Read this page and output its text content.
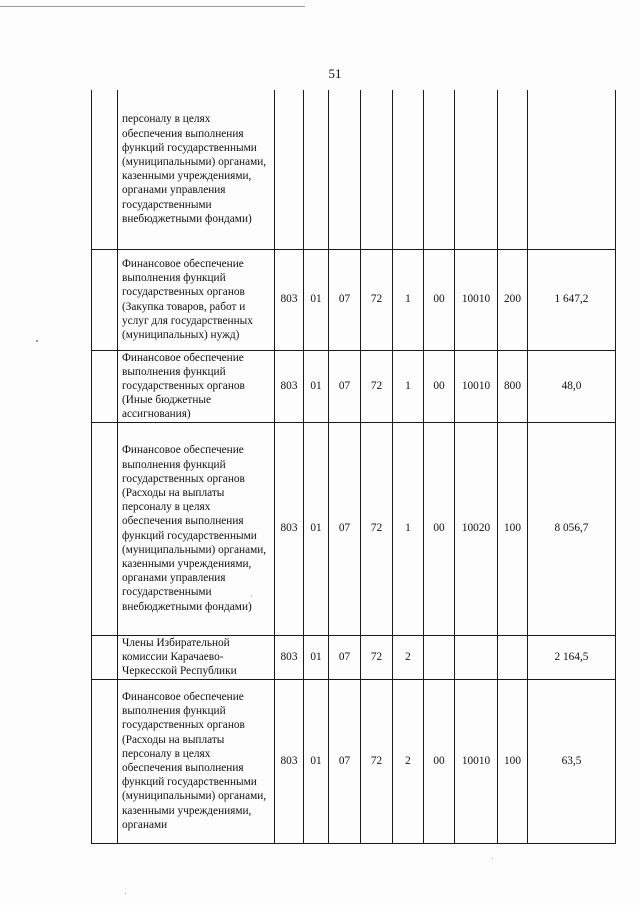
51
	персоналу в целях обеспечения выполнения функций государственными (муниципальными) органами, казенными учреждениями, органами управления государственными внебюджетными фондами)									
	Финансовое обеспечение выполнения функций государственных органов (Закупка товаров, работ и услуг для государственных (муниципальных) нужд)	803	01	07	72	1	00	10010	200	1 647,2
	Финансовое обеспечение выполнения функций государственных органов (Иные бюджетные ассигнования)	803	01	07	72	1	00	10010	800	48,0
	Финансовое обеспечение выполнения функций государственных органов (Расходы на выплаты персоналу в целях обеспечения выполнения функций государственными (муниципальными) органами, казенными учреждениями, органами управления государственными внебюджетными фондами)	803	01	07	72	1	00	10020	100	8 056,7
	Члены Избирательной комиссии Карачаево-Черкесской Республики	803	01	07	72	2				2 164,5
	Финансовое обеспечение выполнения функций государственных органов (Расходы на выплаты персоналу в целях обеспечения выполнения функций государственными (муниципальными) органами, казенными учреждениями, органами	803	01	07	72	2	00	10010	100	63,5
